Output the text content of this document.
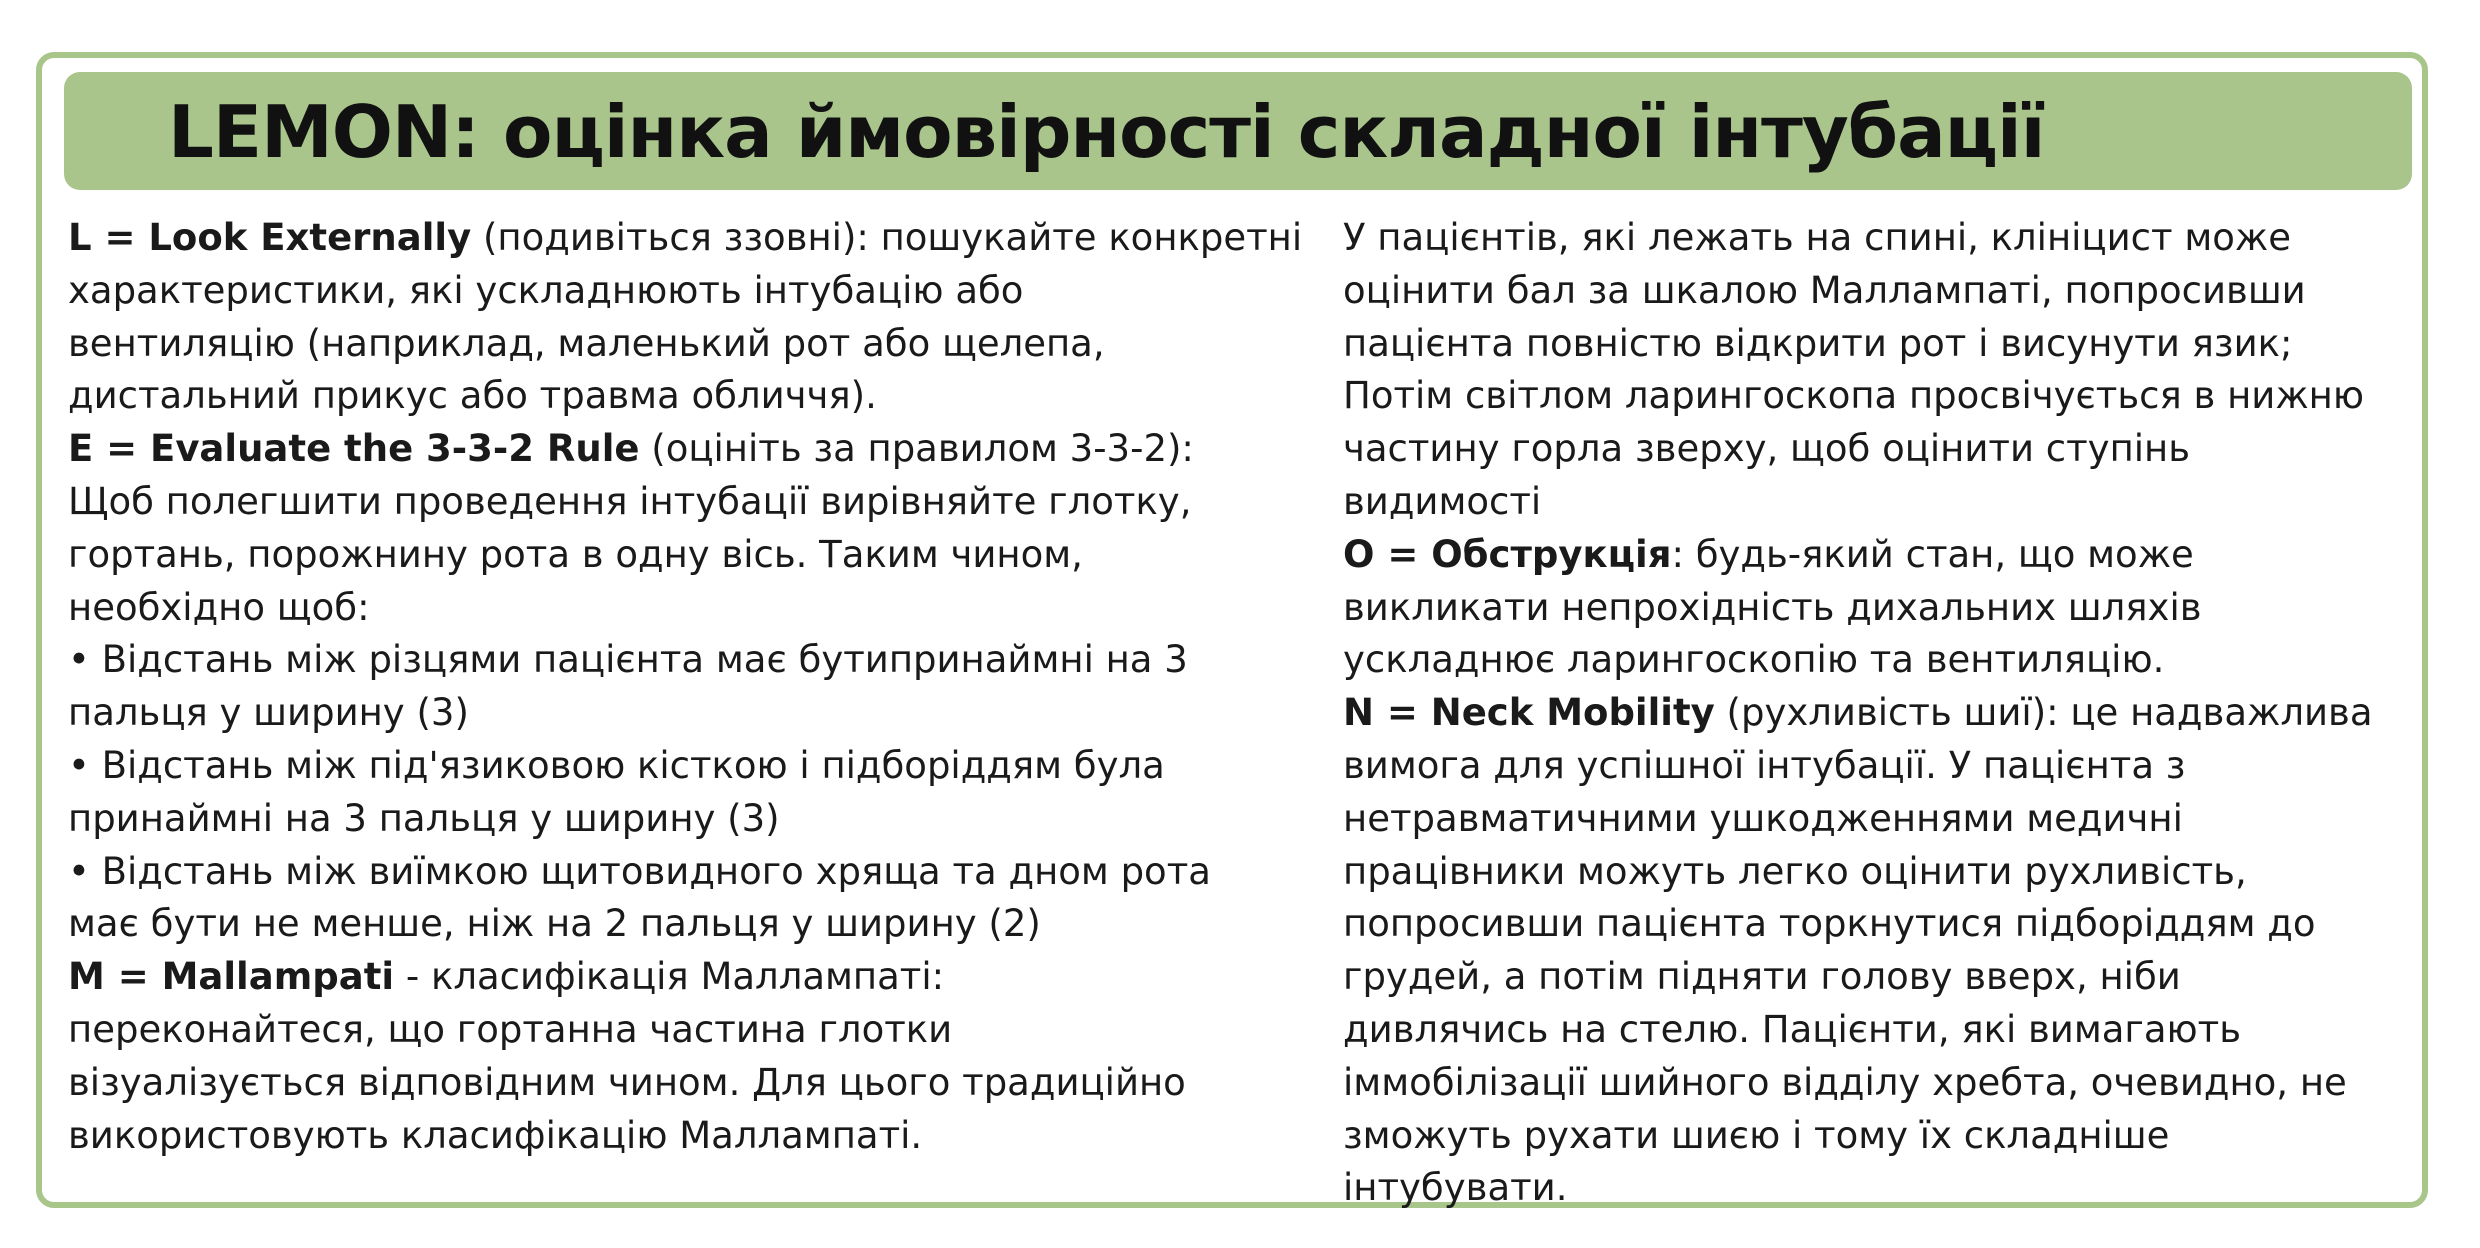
LEMON: оцінка ймовірності складної інтубації
L = Look Externally (подивіться ззовні): пошукайте конкретні
характеристики, які ускладнюють інтубацію або
вентиляцію (наприклад, маленький рот або щелепа,
дистальний прикус або травма обличчя).
E = Evaluate the 3-3-2 Rule (оцініть за правилом 3-3-2):
Щоб полегшити проведення інтубації вирівняйте глотку,
гортань, порожнину рота в одну вісь. Таким чином,
необхідно щоб:
• Відстань між різцями пацієнта має бутипринаймні на 3
пальця у ширину (3)
• Відстань між під'язиковою кісткою і підборіддям була
принаймні на 3 пальця у ширину (3)
• Відстань між виїмкою щитовидного хряща та дном рота
має бути не менше, ніж на 2 пальця у ширину (2)
M = Mallampati - класифікація Маллампаті:
переконайтеся, що гортанна частина глотки
візуалізується відповідним чином. Для цього традиційно
використовують класифікацію Маллампаті.
У пацієнтів, які лежать на спині, клініцист може
оцінити бал за шкалою Маллампаті, попросивши
пацієнта повністю відкрити рот і висунути язик;
Потім світлом ларингоскопа просвічується в нижню
частину горла зверху, щоб оцінити ступінь
видимості
O = Обструкція: будь-який стан, що може
викликати непрохідність дихальних шляхів
ускладнює ларингоскопію та вентиляцію.
N = Neck Mobility (рухливість шиї): це надважлива
вимога для успішної інтубації. У пацієнта з
нетравматичними ушкодженнями медичні
працівники можуть легко оцінити рухливість,
попросивши пацієнта торкнутися підборіддям до
грудей, а потім підняти голову вверх, ніби
дивлячись на стелю. Пацієнти, які вимагають
іммобілізації шийного відділу хребта, очевидно, не
зможуть рухати шиєю і тому їх складніше
інтубувати.
